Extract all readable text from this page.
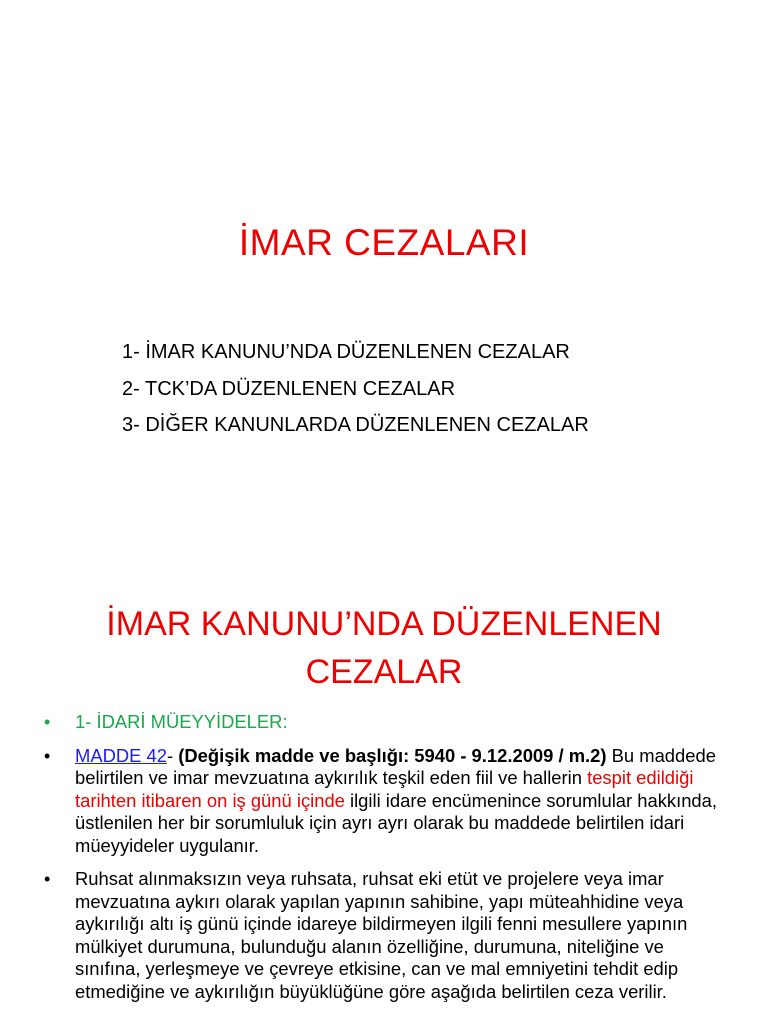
İMAR CEZALARI
1- İMAR KANUNU’NDA DÜZENLENEN CEZALAR
2- TCK’DA DÜZENLENEN CEZALAR
3- DİĞER KANUNLARDA DÜZENLENEN CEZALAR
İMAR KANUNU’NDA DÜZENLENEN
CEZALAR
• 1- İDARİ MÜEYYİDELER:
• MADDE 42- (Değişik madde ve başlığı: 5940 - 9.12.2009 / m.2) Bu maddede belirtilen ve imar mevzuatına aykırılık teşkil eden fiil ve hallerin tespit edildiği tarihten itibaren on iş günü içinde ilgili idare encümenince sorumlular hakkında, üstlenilen her bir sorumluluk için ayrı ayrı olarak bu maddede belirtilen idari müeyyideler uygulanır.
• Ruhsat alınmaksızın veya ruhsata, ruhsat eki etüt ve projelere veya imar mevzuatına aykırı olarak yapılan yapının sahibine, yapı müteahhidine veya aykırılığı altı iş günü içinde idareye bildirmeyen ilgili fenni mesullere yapının mülkiyet durumuna, bulunduğu alanın özelliğine, durumuna, niteliğine ve sınıfına, yerleşmeye ve çevreye etkisine, can ve mal emniyetini tehdit edip etmediğine ve aykırılığın büyüklüğüne göre aşağıda belirtilen ceza verilir.
